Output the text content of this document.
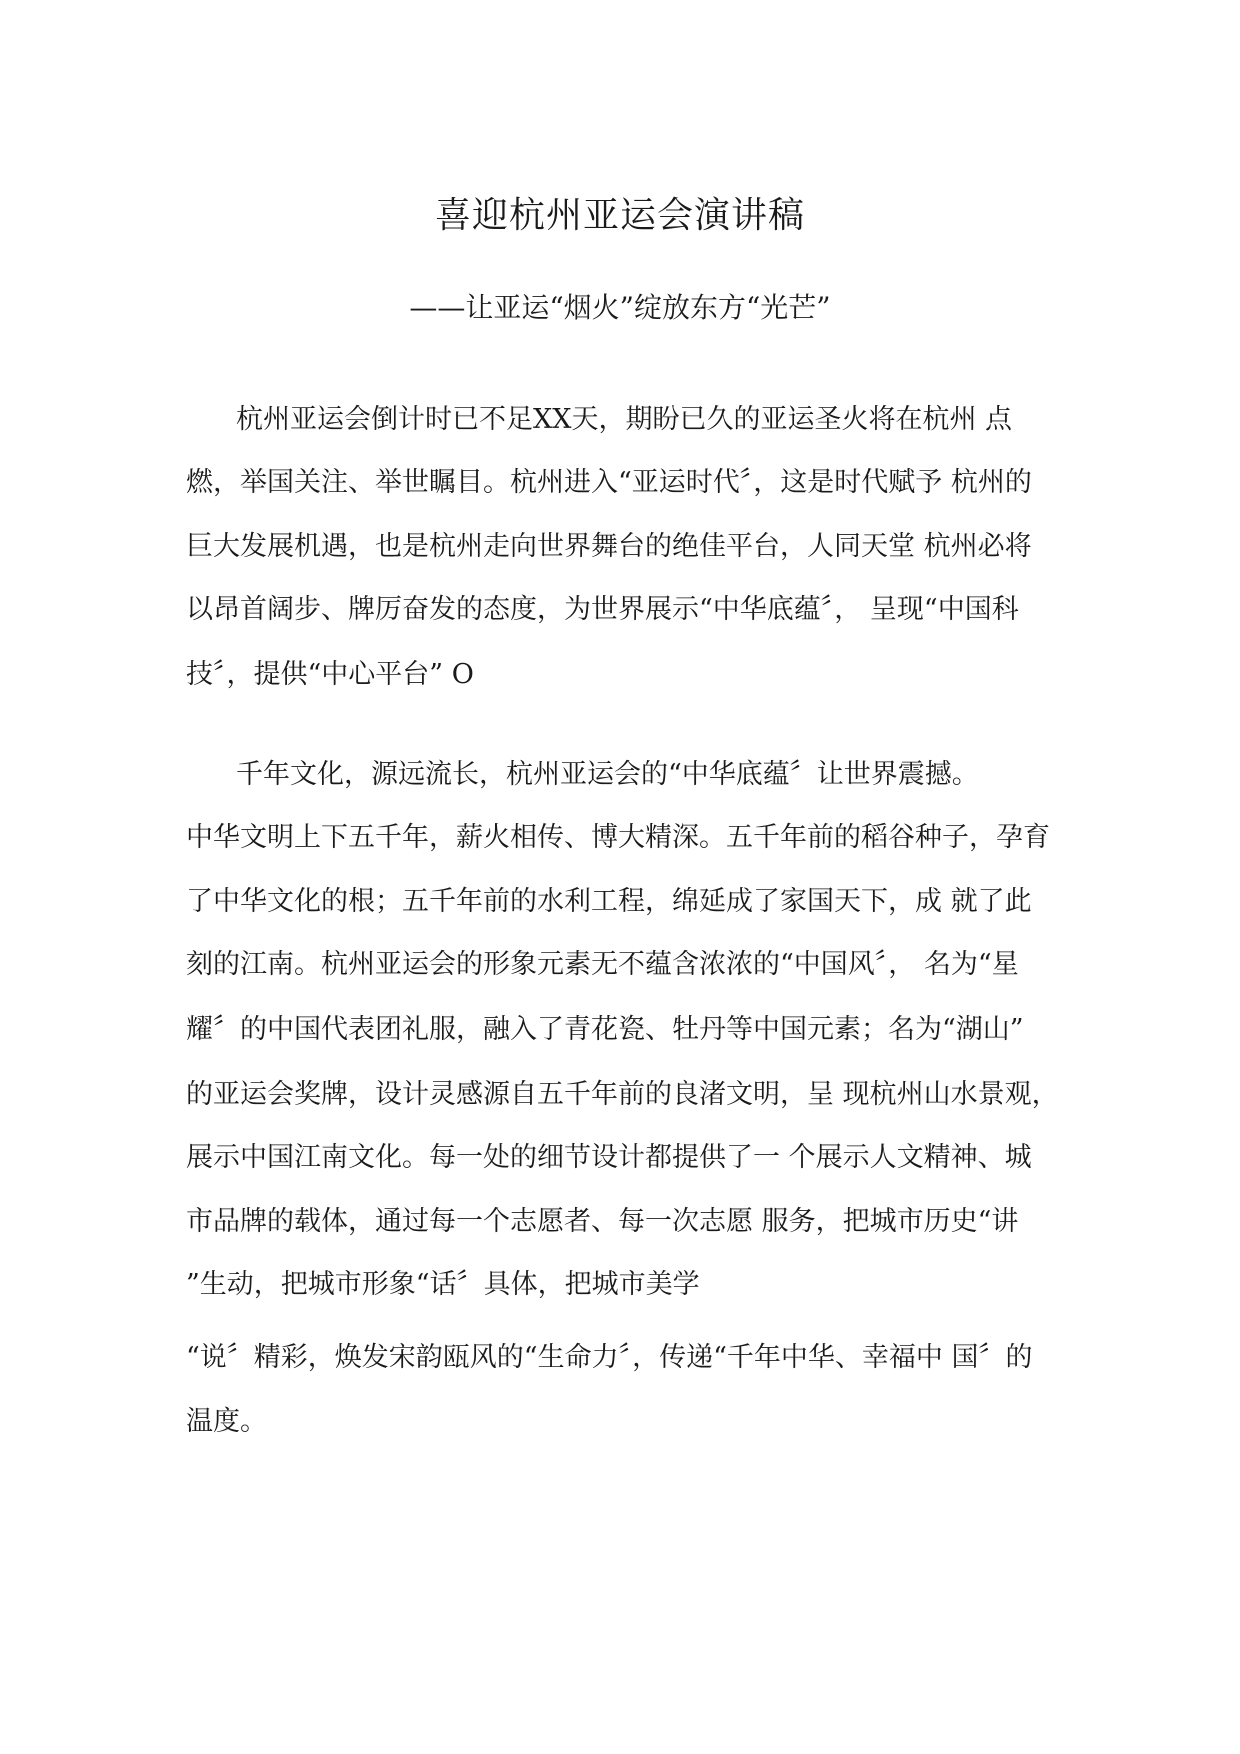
喜迎杭州亚运会演讲稿
——让亚运“烟火”绽放东方“光芒”
杭州亚运会倒计时已不足XX天，期盼已久的亚运圣火将在杭州 点
燃，举国关注、举世瞩目。杭州进入“亚运时代〞，这是时代赋予 杭州的
巨大发展机遇，也是杭州走向世界舞台的绝佳平台，人同天堂 杭州必将
以昂首阔步、牌厉奋发的态度，为世界展示“中华底蕴〞， 呈现“中国科
技〞，提供“中心平台” O
千年文化，源远流长，杭州亚运会的“中华底蕴〞让世界震撼。
中华文明上下五千年，薪火相传、博大精深。五千年前的稻谷种子，孕育
了中华文化的根；五千年前的水利工程，绵延成了家国天下，成 就了此
刻的江南。杭州亚运会的形象元素无不蕴含浓浓的“中国风〞， 名为“星
耀〞的中国代表团礼服，融入了青花瓷、牡丹等中国元素；名为“湖山”
的亚运会奖牌，设计灵感源自五千年前的良渚文明，呈 现杭州山水景观，
展示中国江南文化。每一处的细节设计都提供了一 个展示人文精神、城
市品牌的载体，通过每一个志愿者、每一次志愿 服务，把城市历史“讲
”生动，把城市形象“话〞具体，把城市美学
“说〞精彩，焕发宋韵瓯风的“生命力〞，传递“千年中华、幸福中 国〞的
温度。
